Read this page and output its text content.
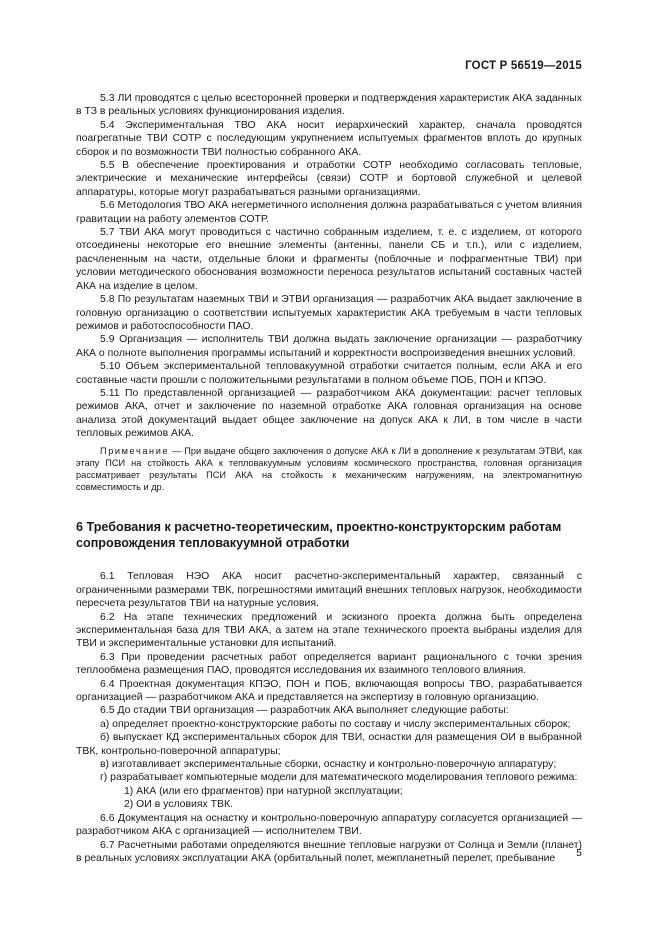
ГОСТ Р 56519—2015

5.3 ЛИ проводятся с целью всесторонней проверки и подтверждения характеристик АКА заданных в ТЗ в реальных условиях функционирования изделия.

5.4 Экспериментальная ТВО АКА носит иерархический характер, сначала проводятся поагрегатные ТВИ СОТР с последующим укрупнением испытуемых фрагментов вплоть до крупных сборок и по возможности ТВИ полностью собранного АКА.

5.5 В обеспечение проектирования и отработки СОТР необходимо согласовать тепловые, электрические и механические интерфейсы (связи) СОТР и бортовой служебной и целевой аппаратуры, которые могут разрабатываться разными организациями.

5.6 Методология ТВО АКА негерметичного исполнения должна разрабатываться с учетом влияния гравитации на работу элементов СОТР.

5.7 ТВИ АКА могут проводиться с частично собранным изделием, т. е. с изделием, от которого отсоединены некоторые его внешние элементы (антенны, панели СБ и т.п.), или с изделием, расчлененным на части, отдельные блоки и фрагменты (поблочные и пофрагментные ТВИ) при условии методического обоснования возможности переноса результатов испытаний составных частей АКА на изделие в целом.

5.8 По результатам наземных ТВИ и ЭТВИ организация — разработчик АКА выдает заключение в головную организацию о соответствии испытуемых характеристик АКА требуемым в части тепловых режимов и работоспособности ПАО.

5.9 Организация — исполнитель ТВИ должна выдать заключение организации — разработчику АКА о полноте выполнения программы испытаний и корректности воспроизведения внешних условий.

5.10 Объем экспериментальной тепловакуумной отработки считается полным, если АКА и его составные части прошли с положительными результатами в полном объеме ПОБ, ПОН и КПЭО.

5.11 По представленной организацией — разработчиком АКА документации: расчет тепловых режимов АКА, отчет и заключение по наземной отработке АКА головная организация на основе анализа этой документаций выдает общее заключение на допуск АКА к ЛИ, в том числе в части тепловых режимов АКА.

Примечание — При выдаче общего заключения о допуске АКА к ЛИ в дополнение к результатам ЭТВИ, как этапу ПСИ на стойкость АКА к тепловакуумным условиям космического пространства, головная организация рассматривает результаты ПСИ АКА на стойкость к механическим нагружениям, на электромагнитную совместимость и др.

6 Требования к расчетно-теоретическим, проектно-конструкторским работам сопровождения тепловакуумной отработки

6.1 Тепловая НЭО АКА носит расчетно-экспериментальный характер, связанный с ограниченными размерами ТВК, погрешностями имитаций внешних тепловых нагрузок, необходимости пересчета результатов ТВИ на натурные условия.

6.2 На этапе технических предложений и эскизного проекта должна быть определена экспериментальная база для ТВИ АКА, а затем на этапе технического проекта выбраны изделия для ТВИ и экспериментальные установки для испытаний.

6.3 При проведении расчетных работ определяется вариант рационального с точки зрения теплообмена размещения ПАО, проводятся исследования их взаимного теплового влияния.

6.4 Проектная документация КПЭО, ПОН и ПОБ, включающая вопросы ТВО, разрабатывается организацией — разработчиком АКА и представляется на экспертизу в головную организацию.

6.5 До стадии ТВИ организация — разработчик АКА выполняет следующие работы:

а) определяет проектно-конструкторские работы по составу и числу экспериментальных сборок;

б) выпускает КД экспериментальных сборок для ТВИ, оснастки для размещения ОИ в выбранной ТВК, контрольно-поверочной аппаратуры;

в) изготавливает экспериментальные сборки, оснастку и контрольно-поверочную аппаратуру;

г) разрабатывает компьютерные модели для математического моделирования теплового режима:

1) АКА (или его фрагментов) при натурной эксплуатации;

2) ОИ в условиях ТВК.

6.6 Документация на оснастку и контрольно-поверочную аппаратуру согласуется организацией — разработчиком АКА с организацией — исполнителем ТВИ.

6.7 Расчетными работами определяются внешние тепловые нагрузки от Солнца и Земли (планет) в реальных условиях эксплуатации АКА (орбитальный полет, межпланетный перелет, пребывание	5
